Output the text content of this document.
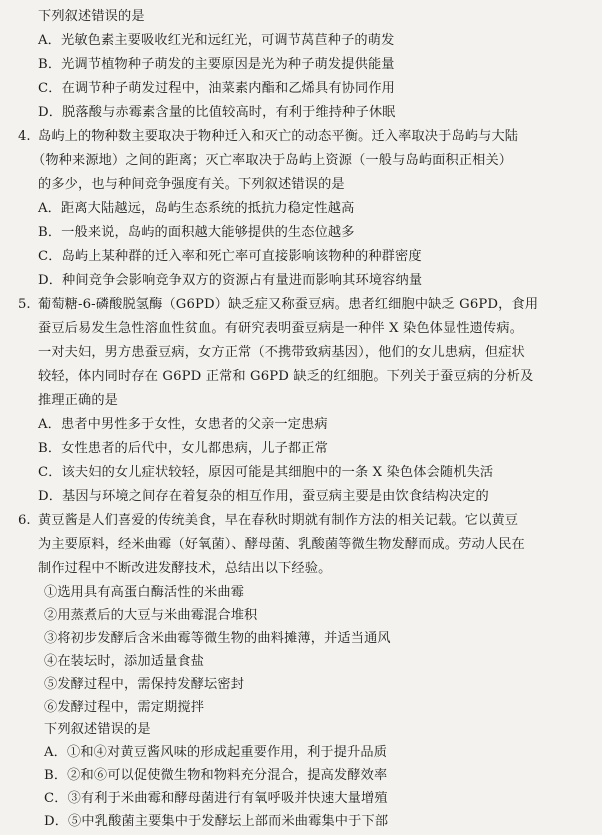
下列叙述错误的是
A．光敏色素主要吸收红光和远红光，可调节莴苣种子的萌发
B．光调节植物种子萌发的主要原因是光为种子萌发提供能量
C．在调节种子萌发过程中，油菜素内酯和乙烯具有协同作用
D．脱落酸与赤霉素含量的比值较高时，有利于维持种子休眠
4. 岛屿上的物种数主要取决于物种迁入和灭亡的动态平衡。迁入率取决于岛屿与大陆
（物种来源地）之间的距离；灭亡率取决于岛屿上资源（一般与岛屿面积正相关）
的多少，也与种间竞争强度有关。下列叙述错误的是
A．距离大陆越远，岛屿生态系统的抵抗力稳定性越高
B．一般来说，岛屿的面积越大能够提供的生态位越多
C．岛屿上某种群的迁入率和死亡率可直接影响该物种的种群密度
D．种间竞争会影响竞争双方的资源占有量进而影响其环境容纳量
5. 葡萄糖-6-磷酸脱氢酶（G6PD）缺乏症又称蚕豆病。患者红细胞中缺乏 G6PD，食用
蚕豆后易发生急性溶血性贫血。有研究表明蚕豆病是一种伴 X 染色体显性遗传病。
一对夫妇，男方患蚕豆病，女方正常（不携带致病基因），他们的女儿患病，但症状
较轻，体内同时存在 G6PD 正常和 G6PD 缺乏的红细胞。下列关于蚕豆病的分析及
推理正确的是
A．患者中男性多于女性，女患者的父亲一定患病
B．女性患者的后代中，女儿都患病，儿子都正常
C．该夫妇的女儿症状较轻，原因可能是其细胞中的一条 X 染色体会随机失活
D．基因与环境之间存在着复杂的相互作用，蚕豆病主要是由饮食结构决定的
6. 黄豆酱是人们喜爱的传统美食，早在春秋时期就有制作方法的相关记载。它以黄豆
为主要原料，经米曲霉（好氧菌）、酵母菌、乳酸菌等微生物发酵而成。劳动人民在
制作过程中不断改进发酵技术，总结出以下经验。
①选用具有高蛋白酶活性的米曲霉
②用蒸煮后的大豆与米曲霉混合堆积
③将初步发酵后含米曲霉等微生物的曲料摊薄，并适当通风
④在装坛时，添加适量食盐
⑤发酵过程中，需保持发酵坛密封
⑥发酵过程中，需定期搅拌
下列叙述错误的是
A．①和④对黄豆酱风味的形成起重要作用，利于提升品质
B．②和⑥可以促使微生物和物料充分混合，提高发酵效率
C．③有利于米曲霉和酵母菌进行有氧呼吸并快速大量增殖
D．⑤中乳酸菌主要集中于发酵坛上部而米曲霉集中于下部
